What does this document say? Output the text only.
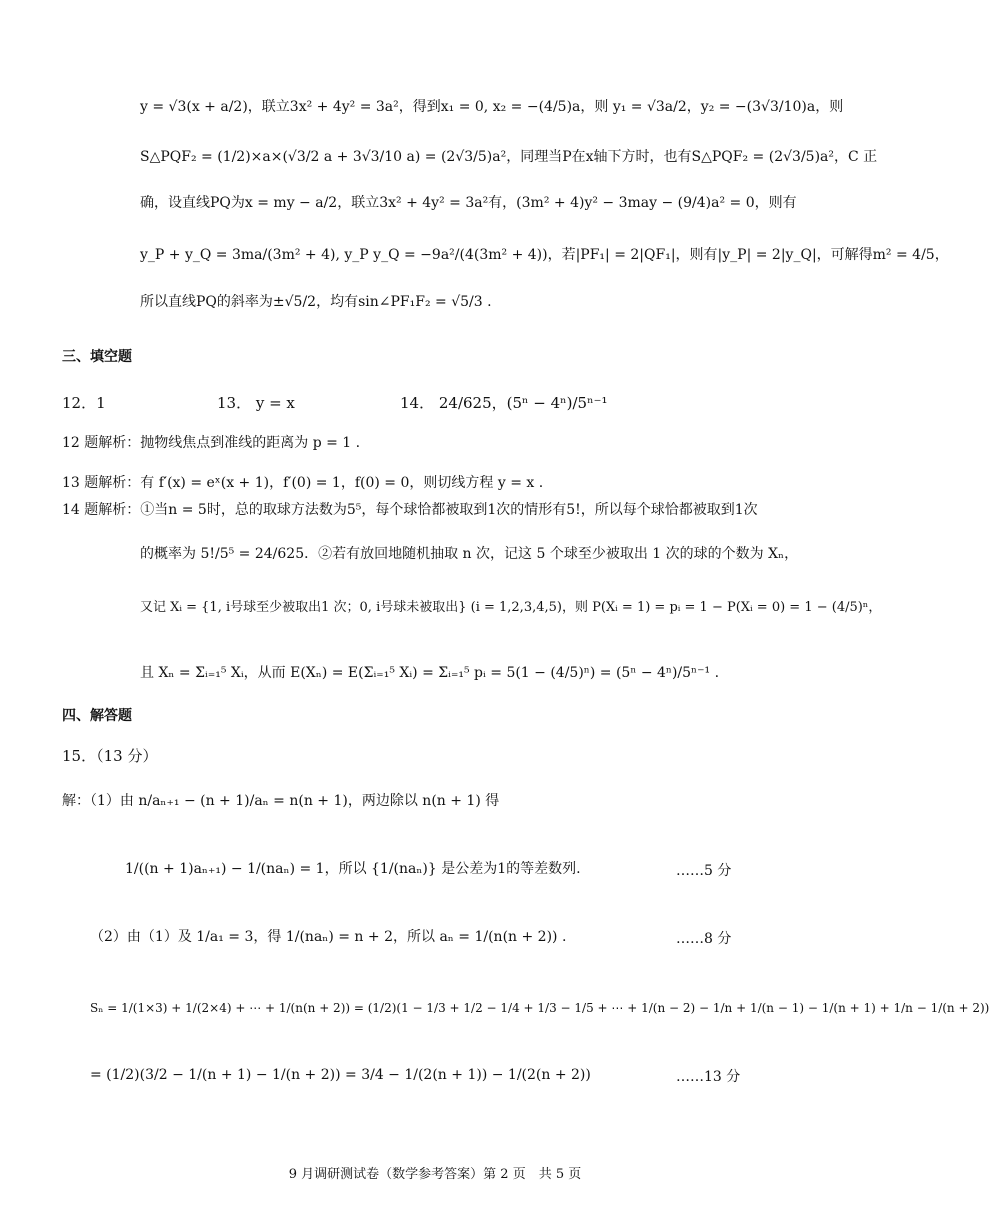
y = √3(x + a/2)，联立3x² + 4y² = 3a²，得到x₁ = 0, x₂ = −(4/5)a，则 y₁ = √3a/2，y₂ = −(3√3/10)a，则
S△PQF₂ = (1/2)×a×(√3/2 a + 3√3/10 a) = (2√3/5)a²，同理当P在x轴下方时，也有S△PQF₂ = (2√3/5)a²，C 正
确，设直线PQ为x = my − a/2，联立3x² + 4y² = 3a²有，(3m² + 4)y² − 3may − (9/4)a² = 0，则有
y_P + y_Q = 3ma/(3m² + 4), y_P y_Q = −9a²/(4(3m² + 4))，若|PF₁| = 2|QF₁|，则有|y_P| = 2|y_Q|，可解得m² = 4/5，
所以直线PQ的斜率为±√5/2，均有sin∠PF₁F₂ = √5/3 .
三、填空题
12．1	13． y = x	14． 24/625，(5ⁿ − 4ⁿ)/5ⁿ⁻¹
12 题解析：抛物线焦点到准线的距离为 p = 1 .
13 题解析：有 f′(x) = eˣ(x + 1)，f′(0) = 1，f(0) = 0，则切线方程 y = x .
14 题解析：①当n = 5时，总的取球方法数为5⁵，每个球恰都被取到1次的情形有5!，所以每个球恰都被取到1次
的概率为 5!/5⁵ = 24/625．②若有放回地随机抽取 n 次，记这 5 个球至少被取出 1 次的球的个数为 Xₙ，
又记 Xᵢ = {1, i号球至少被取出1 次；0, i号球未被取出} (i = 1,2,3,4,5)，则 P(Xᵢ = 1) = pᵢ = 1 − P(Xᵢ = 0) = 1 − (4/5)ⁿ，
且 Xₙ = Σᵢ₌₁⁵ Xᵢ，从而 E(Xₙ) = E(Σᵢ₌₁⁵ Xᵢ) = Σᵢ₌₁⁵ pᵢ = 5(1 − (4/5)ⁿ) = (5ⁿ − 4ⁿ)/5ⁿ⁻¹ .
四、解答题
15．（13 分）
解：（1）由 n/aₙ₊₁ − (n + 1)/aₙ = n(n + 1)，两边除以 n(n + 1) 得
1/((n + 1)aₙ₊₁) − 1/(naₙ) = 1，所以 {1/(naₙ)} 是公差为1的等差数列.	……5 分
（2）由（1）及 1/a₁ = 3，得 1/(naₙ) = n + 2，所以 aₙ = 1/(n(n + 2)) .	……8 分
Sₙ = 1/(1×3) + 1/(2×4) + ⋯ + 1/(n(n + 2)) = (1/2)(1 − 1/3 + 1/2 − 1/4 + 1/3 − 1/5 + ⋯ + 1/(n − 2) − 1/n + 1/(n − 1) − 1/(n + 1) + 1/n − 1/(n + 2))
= (1/2)(3/2 − 1/(n + 1) − 1/(n + 2)) = 3/4 − 1/(2(n + 1)) − 1/(2(n + 2))	……13 分
9 月调研测试卷（数学参考答案）第 2 页　共 5 页
